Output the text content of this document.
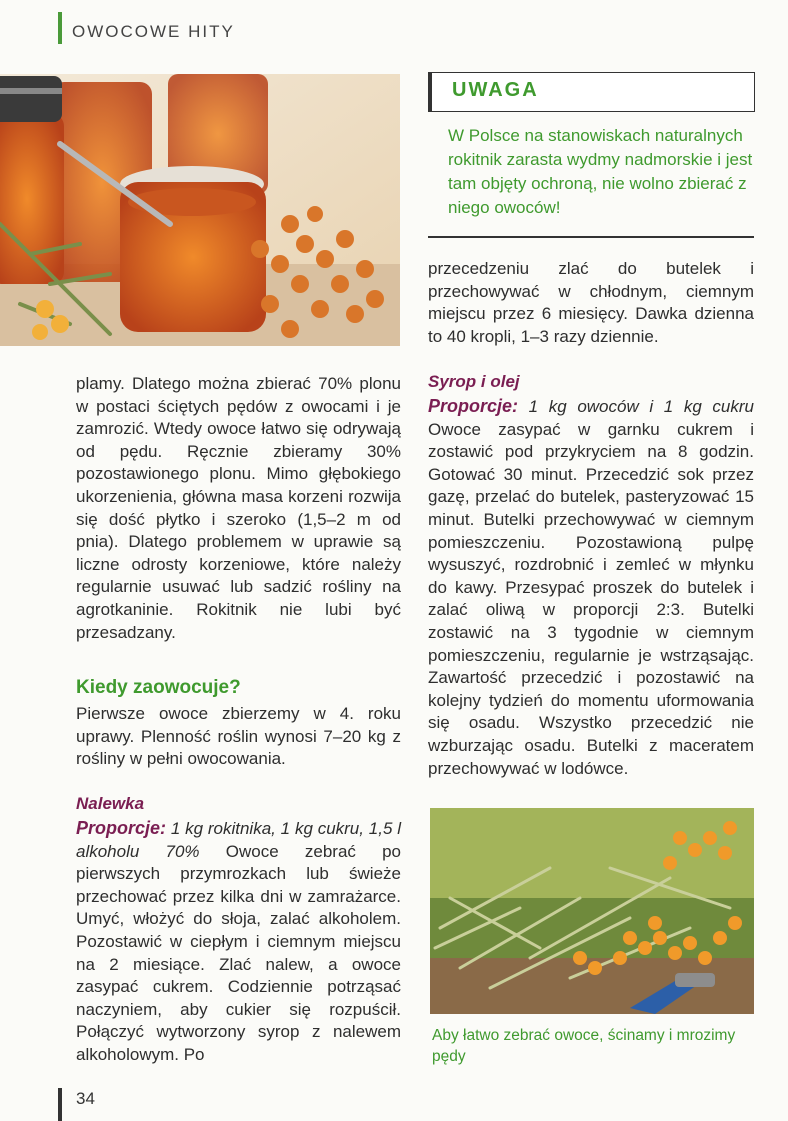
OWOCOWE HITY
UWAGA

W Polsce na stanowiskach naturalnych rokitnik zarasta wydmy nadmorskie i jest tam objęty ochroną, nie wolno zbierać z niego owoców!

plamy. Dlatego można zbierać 70% plonu w postaci ściętych pędów z owocami i je zamrozić. Wtedy owoce łatwo się odrywają od pędu. Ręcznie zbieramy 30% pozostawionego plonu. Mimo głębokiego ukorzenienia, główna masa korzeni rozwija się dość płytko i szeroko (1,5–2 m od pnia). Dlatego problemem w uprawie są liczne odrosty korzeniowe, które należy regularnie usuwać lub sadzić rośliny na agrotkaninie. Rokitnik nie lubi być przesadzany.

Kiedy zaowocuje?

Pierwsze owoce zbierzemy w 4. roku uprawy. Plenność roślin wynosi 7–20 kg z rośliny w pełni owocowania.

Nalewka

Proporcje: 1 kg rokitnika, 1 kg cukru, 1,5 l alkoholu 70% Owoce zebrać po pierwszych przymrozkach lub świeże przechować przez kilka dni w zamrażarce. Umyć, włożyć do słoja, zalać alkoholem. Pozostawić w ciepłym i ciemnym miejscu na 2 miesiące. Zlać nalew, a owoce zasypać cukrem. Codziennie potrząsać naczyniem, aby cukier się rozpuścił. Połączyć wytworzony syrop z nalewem alkoholowym. Po

przecedzeniu zlać do butelek i przechowywać w chłodnym, ciemnym miejscu przez 6 miesięcy. Dawka dzienna to 40 kropli, 1–3 razy dziennie.

Syrop i olej

Proporcje: 1 kg owoców i 1 kg cukru Owoce zasypać w garnku cukrem i zostawić pod przykryciem na 8 godzin. Gotować 30 minut. Przecedzić sok przez gazę, przelać do butelek, pasteryzować 15 minut. Butelki przechowywać w ciemnym pomieszczeniu. Pozostawioną pulpę wysuszyć, rozdrobnić i zemleć w młynku do kawy. Przesypać proszek do butelek i zalać oliwą w proporcji 2:3. Butelki zostawić na 3 tygodnie w ciemnym pomieszczeniu, regularnie je wstrząsając. Zawartość przecedzić i pozostawić na kolejny tydzień do momentu uformowania się osadu. Wszystko przecedzić nie wzburzając osadu. Butelki z maceratem przechowywać w lodówce.

Aby łatwo zebrać owoce, ścinamy i mrozimy pędy

34
